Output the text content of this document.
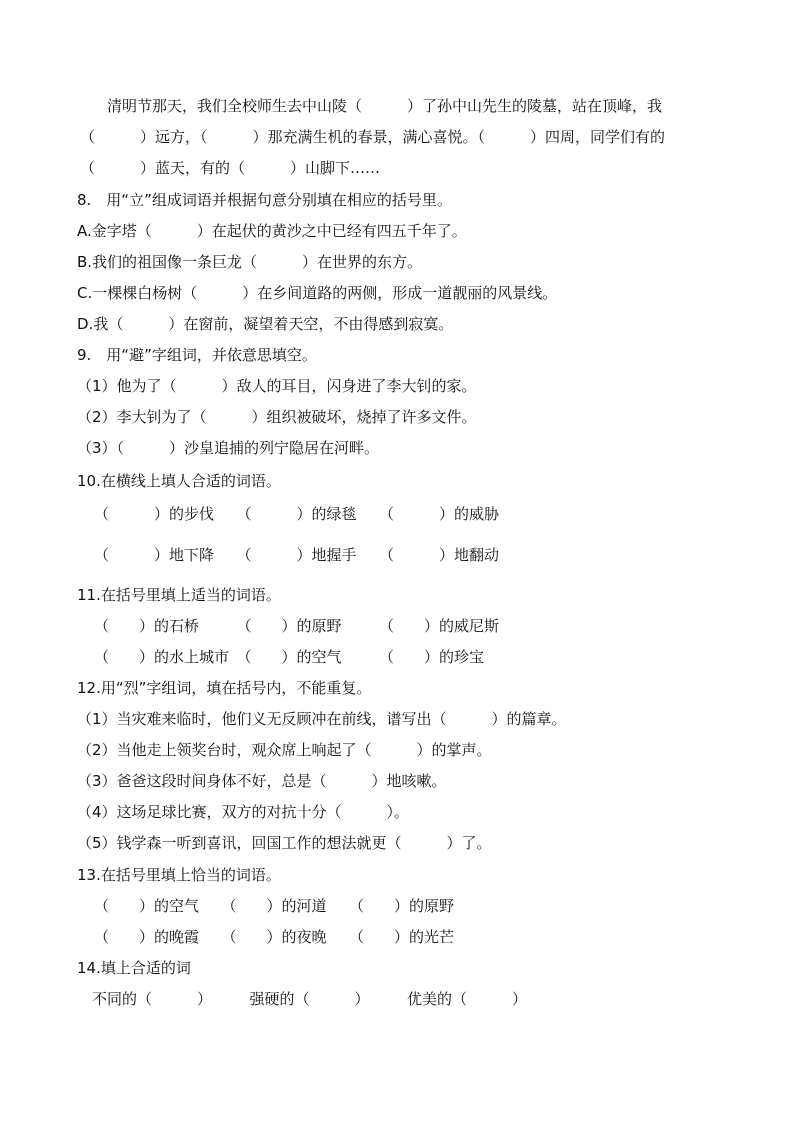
清明节那天，我们全校师生去中山陵（　　　）了孙中山先生的陵墓，站在顶峰，我
（　　　）远方，（　　　）那充满生机的春景，满心喜悦。（　　　）四周，同学们有的
（　　　）蓝天，有的（　　　）山脚下……
8.　用“立”组成词语并根据句意分别填在相应的括号里。
A.金字塔（　　　）在起伏的黄沙之中已经有四五千年了。
B.我们的祖国像一条巨龙（　　　）在世界的东方。
C.一棵棵白杨树（　　　）在乡间道路的两侧，形成一道靓丽的风景线。
D.我（　　　）在窗前，凝望着天空，不由得感到寂寞。
9.　用“避”字组词，并依意思填空。
（1）他为了（　　　）敌人的耳目，闪身进了李大钊的家。
（2）李大钊为了（　　　）组织被破坏，烧掉了许多文件。
（3）（　　　）沙皇追捕的列宁隐居在河畔。
10.在横线上填人合适的词语。
（　　　）的步伐　　（　　　）的绿毯　　（　　　）的威胁
（　　　）地下降　　（　　　）地握手　　（　　　）地翻动
11.在括号里填上适当的词语。
（　　）的石桥　　　（　　）的原野　　　（　　）的威尼斯
（　　）的水上城市　（　　）的空气　　　（　　）的珍宝
12.用“烈”字组词，填在括号内，不能重复。
（1）当灾难来临时，他们义无反顾冲在前线，谱写出（　　　）的篇章。
（2）当他走上领奖台时，观众席上响起了（　　　）的掌声。
（3）爸爸这段时间身体不好，总是（　　　）地咳嗽。
（4）这场足球比赛，双方的对抗十分（　　　）。
（5）钱学森一听到喜讯，回国工作的想法就更（　　　）了。
13.在括号里填上恰当的词语。
（　　）的空气　　（　　）的河道　　（　　）的原野
（　　）的晚霞　　（　　）的夜晚　　（　　）的光芒
14.填上合适的词
不同的（　　　）　　　强硬的（　　　）　　　优美的（　　　）
